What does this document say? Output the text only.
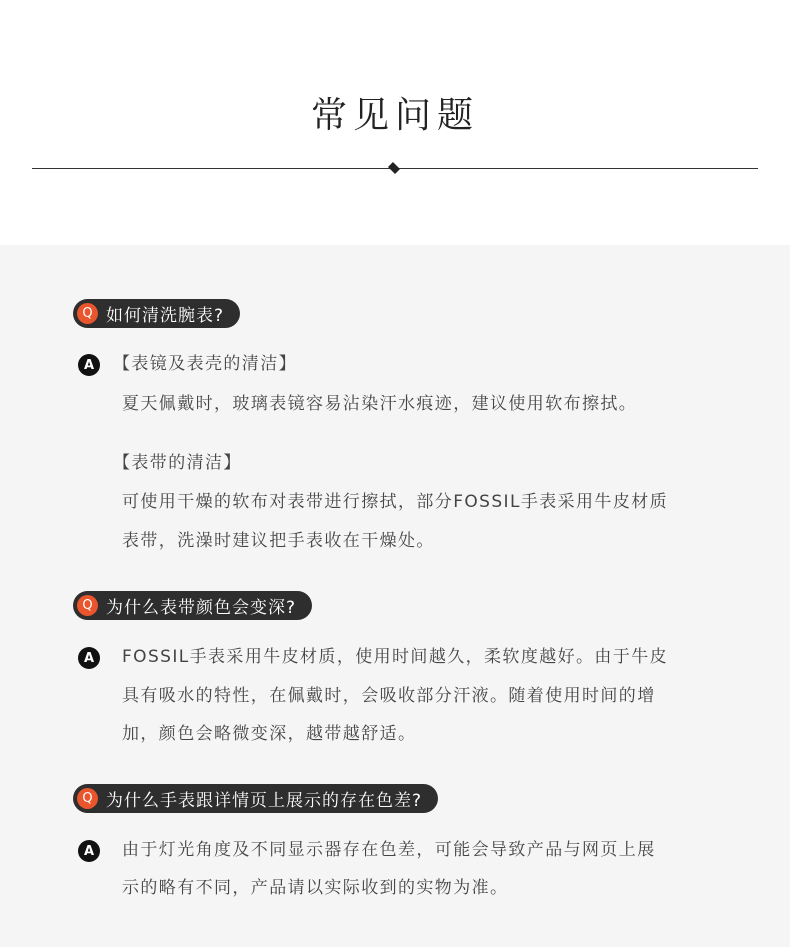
常见问题
Q 如何清洗腕表?
A	【表镜及表壳的清洁】
夏天佩戴时，玻璃表镜容易沾染汗水痕迹，建议使用软布擦拭。
【表带的清洁】
可使用干燥的软布对表带进行擦拭，部分FOSSIL手表采用牛皮材质
表带，洗澡时建议把手表收在干燥处。
Q 为什么表带颜色会变深?
A	FOSSIL手表采用牛皮材质，使用时间越久，柔软度越好。由于牛皮
具有吸水的特性，在佩戴时，会吸收部分汗液。随着使用时间的增
加，颜色会略微变深，越带越舒适。
Q 为什么手表跟详情页上展示的存在色差?
A	由于灯光角度及不同显示器存在色差，可能会导致产品与网页上展
示的略有不同，产品请以实际收到的实物为准。
